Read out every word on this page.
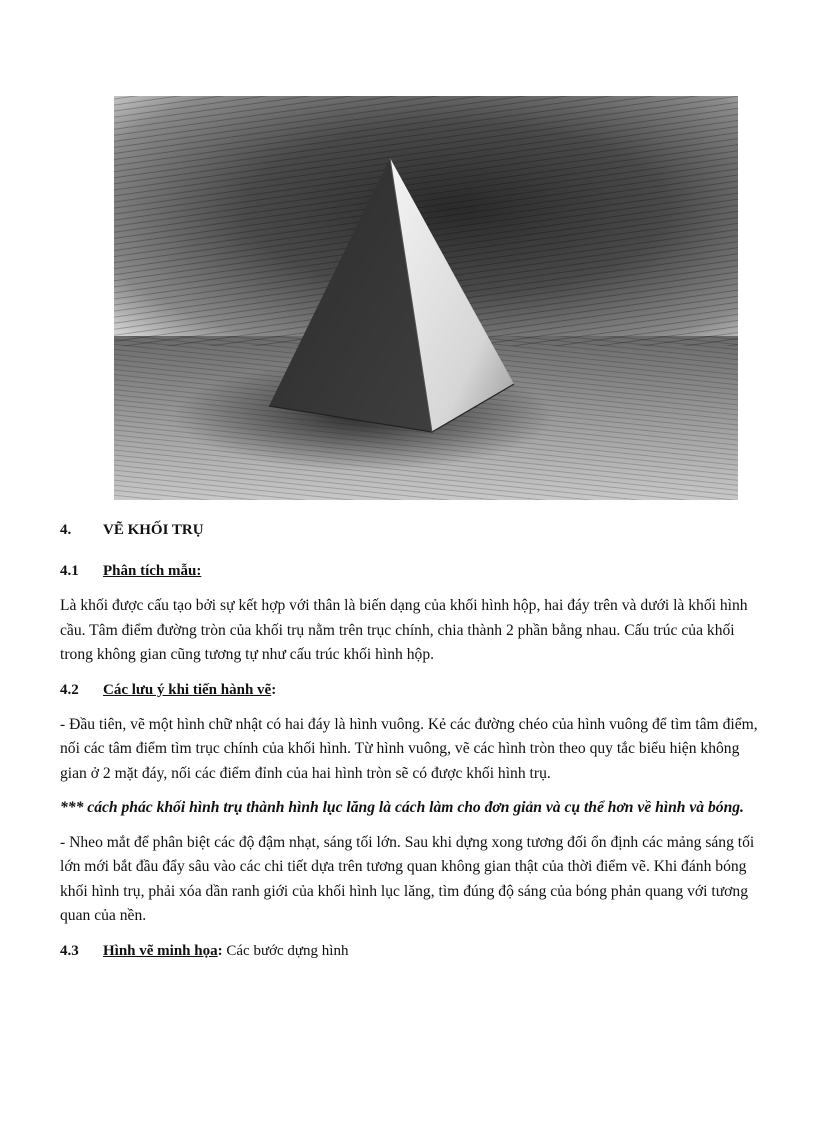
4.	VẼ KHỐI TRỤ
4.1	Phân tích mẫu:

Là khối được cấu tạo bởi sự kết hợp với thân là biến dạng của khối hình hộp, hai đáy trên và dưới là khối hình cầu. Tâm điểm đường tròn của khối trụ nằm trên trục chính, chia thành 2 phần bằng nhau. Cấu trúc của khối trong không gian cũng tương tự như cấu trúc khối hình hộp.

4.2	Các lưu ý khi tiến hành vẽ :

- Đầu tiên, vẽ một hình chữ nhật có hai đáy là hình vuông. Kẻ các đường chéo của hình vuông để tìm tâm điểm, nối các tâm điểm tìm trục chính của khối hình. Từ hình vuông, vẽ các hình tròn theo quy tắc biểu hiện không gian ở 2 mặt đáy, nối các điểm đỉnh của hai hình tròn sẽ có được khối hình trụ.

*** cách phác khối hình trụ thành hình lục lăng là cách làm cho đơn giản và cụ thể hơn về hình và bóng.

- Nheo mắt để phân biệt các độ đậm nhạt, sáng tối lớn. Sau khi dựng xong tương đối ổn định các mảng sáng tối lớn mới bắt đầu đẩy sâu vào các chi tiết dựa trên tương quan không gian thật của thời điểm vẽ. Khi đánh bóng khối hình trụ, phải xóa dần ranh giới của khối hình lục lăng, tìm đúng độ sáng của bóng phản quang với tương quan của nền.

4.3	Hình vẽ minh họa : Các bước dựng hình
